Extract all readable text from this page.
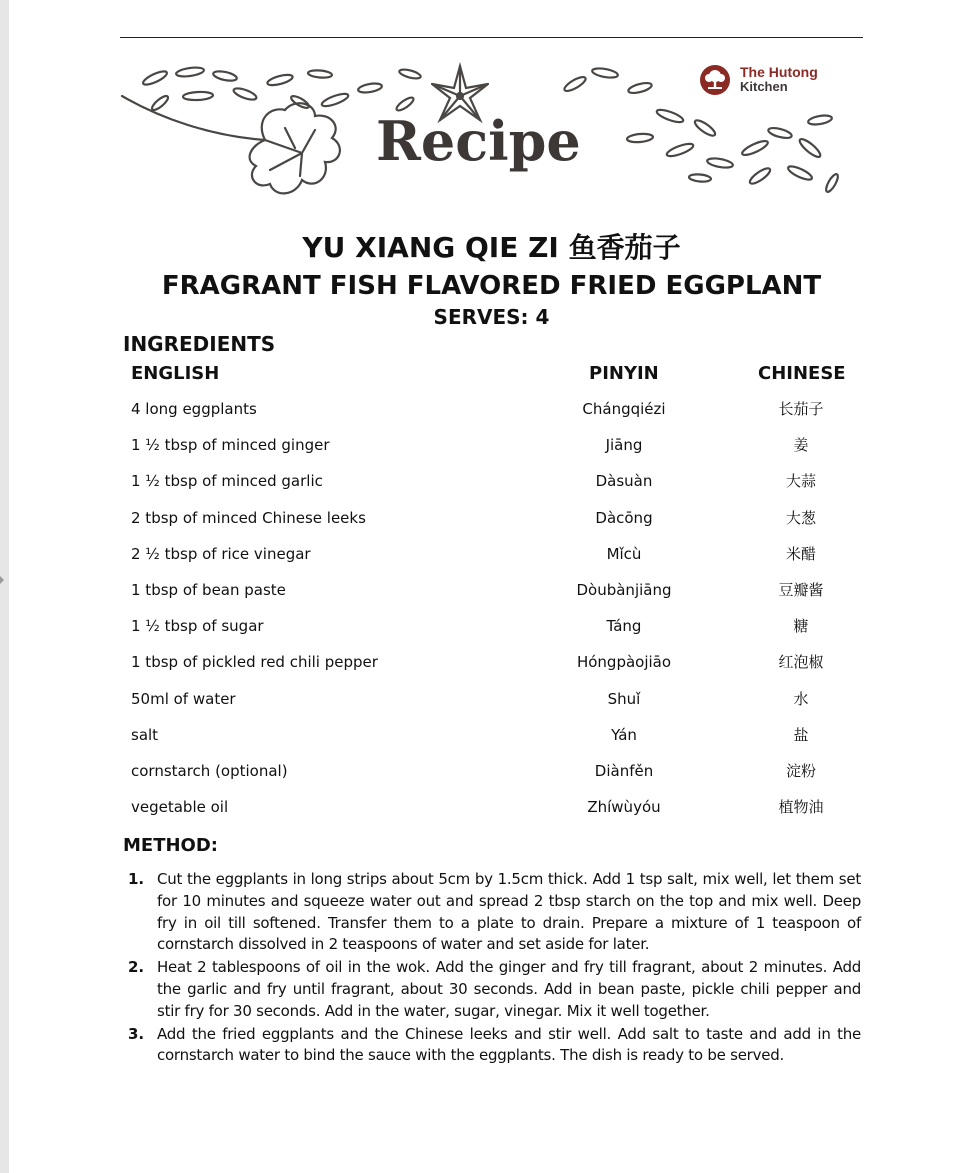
Recipe
The Hutong
Kitchen
YU XIANG QIE ZI 鱼香茄子
FRAGRANT FISH FLAVORED FRIED EGGPLANT
SERVES: 4
INGREDIENTS
ENGLISH	PINYIN	CHINESE
4 long eggplants	Chángqiézi	长茄子
1 ½ tbsp of minced ginger	Jiāng	姜
1 ½ tbsp of minced garlic	Dàsuàn	大蒜
2 tbsp of minced Chinese leeks	Dàcōng	大葱
2 ½ tbsp of rice vinegar	Mǐcù	米醋
1 tbsp of bean paste	Dòubànjiāng	豆瓣酱
1 ½ tbsp of sugar	Táng	糖
1 tbsp of pickled red chili pepper	Hóngpàojiāo	红泡椒
50ml of water	Shuǐ	水
salt	Yán	盐
cornstarch (optional)	Diànfěn	淀粉
vegetable oil	Zhíwùyóu	植物油
METHOD:
1. Cut the eggplants in long strips about 5cm by 1.5cm thick. Add 1 tsp salt, mix well, let them set for 10 minutes and squeeze water out and spread 2 tbsp starch on the top and mix well. Deep fry in oil till softened. Transfer them to a plate to drain. Prepare a mixture of 1 teaspoon of cornstarch dissolved in 2 teaspoons of water and set aside for later.
2. Heat 2 tablespoons of oil in the wok. Add the ginger and fry till fragrant, about 2 minutes. Add the garlic and fry until fragrant, about 30 seconds. Add in bean paste, pickle chili pepper and stir fry for 30 seconds. Add in the water, sugar, vinegar. Mix it well together.
3. Add the fried eggplants and the Chinese leeks and stir well. Add salt to taste and add in the cornstarch water to bind the sauce with the eggplants. The dish is ready to be served.
